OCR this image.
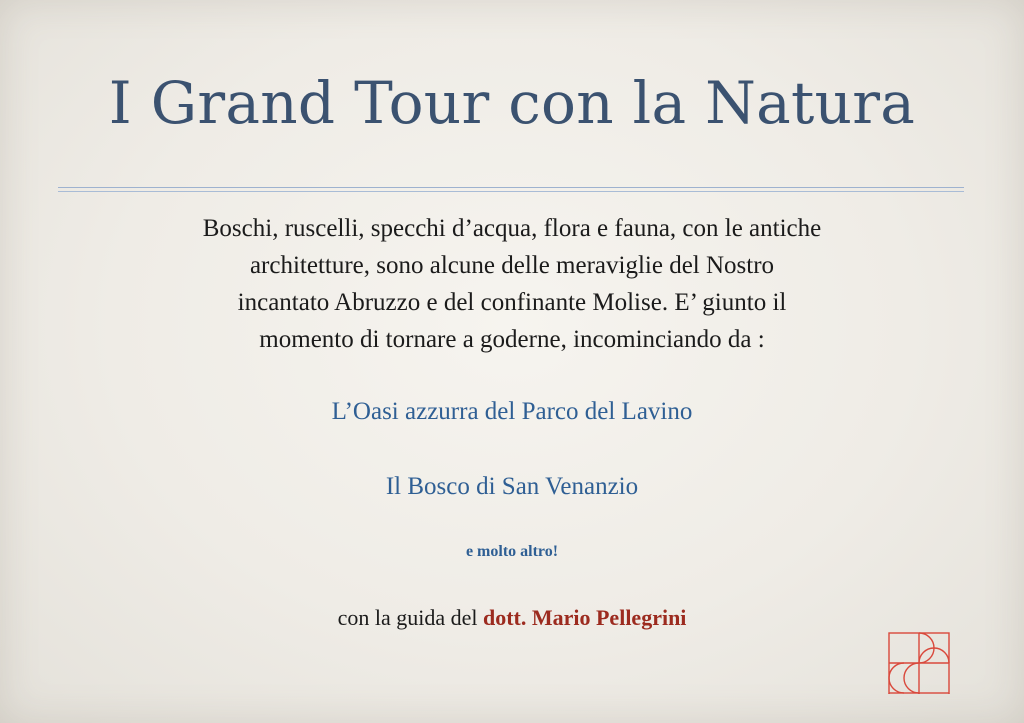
I Grand Tour con la Natura
Boschi, ruscelli, specchi d’acqua, flora e fauna, con le antiche
architetture, sono alcune delle meraviglie del Nostro
incantato Abruzzo e del confinante Molise. E’ giunto il
momento di tornare a goderne, incominciando da :
L’Oasi azzurra del Parco del Lavino
Il Bosco di San Venanzio
e molto altro!
con la guida del dott. Mario Pellegrini
